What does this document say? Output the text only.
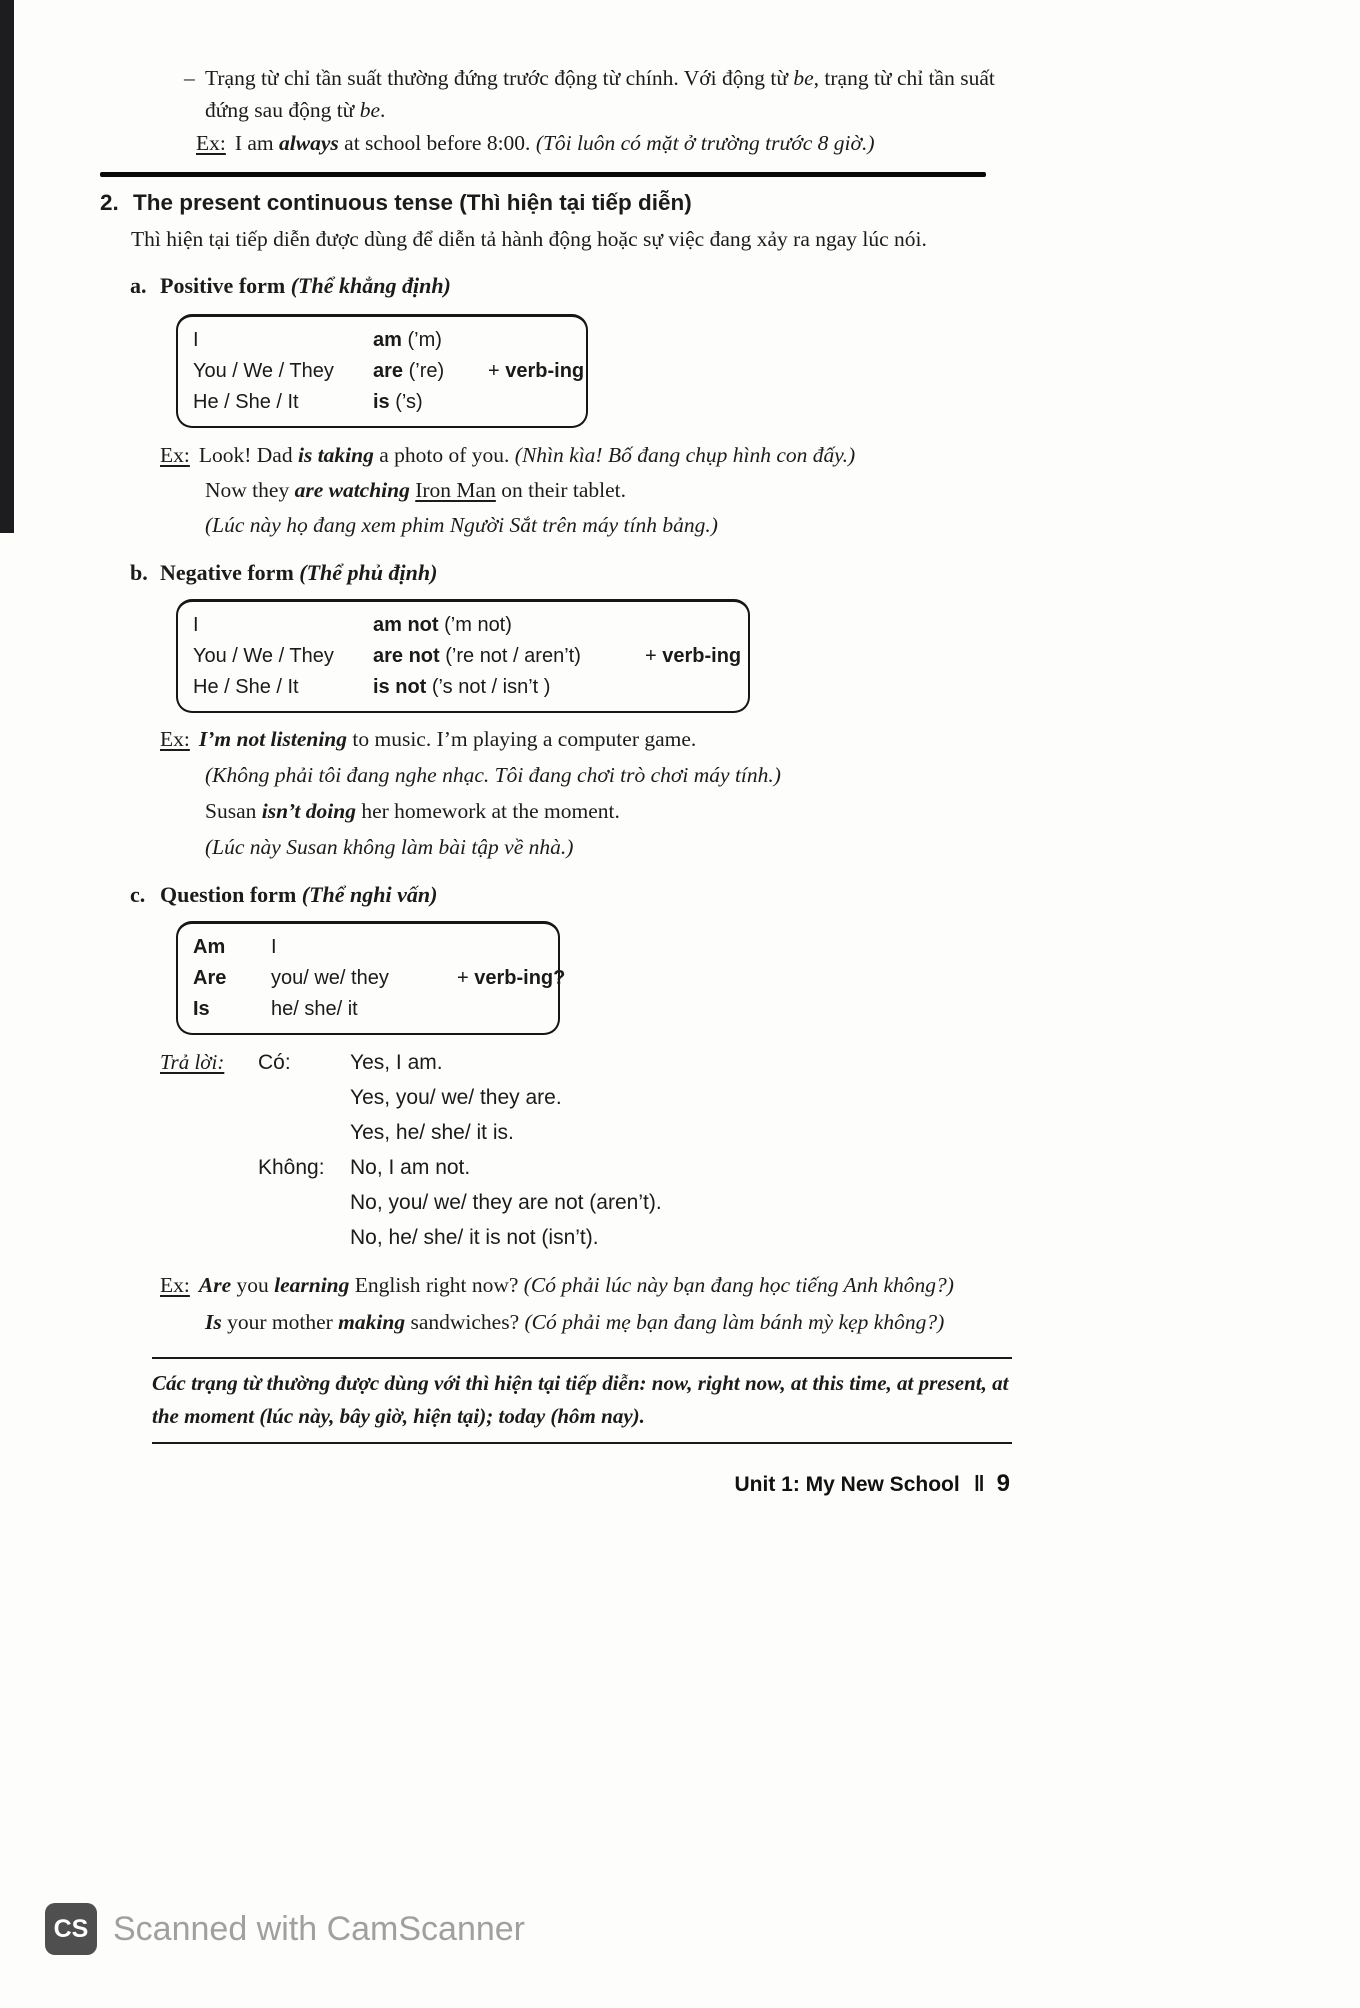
– Trạng từ chỉ tần suất thường đứng trước động từ chính. Với động từ be, trạng từ chỉ tần suất đứng sau động từ be.
Ex: I am always at school before 8:00. (Tôi luôn có mặt ở trường trước 8 giờ.)
2. The present continuous tense (Thì hiện tại tiếp diễn)
Thì hiện tại tiếp diễn được dùng để diễn tả hành động hoặc sự việc đang xảy ra ngay lúc nói.
a. Positive form (Thể khẳng định)
I	am (’m)
You / We / They	are (’re)	+ verb-ing
He / She / It	is (’s)
Ex: Look! Dad is taking a photo of you. (Nhìn kìa! Bố đang chụp hình con đấy.)
Now they are watching Iron Man on their tablet.
(Lúc này họ đang xem phim Người Sắt trên máy tính bảng.)
b. Negative form (Thể phủ định)
I	am not (’m not)
You / We / They	are not (’re not / aren’t)	+ verb-ing
He / She / It	is not (’s not / isn’t )
Ex: I’m not listening to music. I’m playing a computer game.
(Không phải tôi đang nghe nhạc. Tôi đang chơi trò chơi máy tính.)
Susan isn’t doing her homework at the moment.
(Lúc này Susan không làm bài tập về nhà.)
c. Question form (Thể nghi vấn)
Am	I
Are	you/ we/ they	+ verb-ing?
Is	he/ she/ it
Trả lời:	Có:	Yes, I am.
Yes, you/ we/ they are.
Yes, he/ she/ it is.
Không:	No, I am not.
No, you/ we/ they are not (aren’t).
No, he/ she/ it is not (isn’t).
Ex: Are you learning English right now? (Có phải lúc này bạn đang học tiếng Anh không?)
Is your mother making sandwiches? (Có phải mẹ bạn đang làm bánh mỳ kẹp không?)
Các trạng từ thường được dùng với thì hiện tại tiếp diễn: now, right now, at this time, at present, at the moment (lúc này, bây giờ, hiện tại); today (hôm nay).
Unit 1: My New School ‖ 9
CS Scanned with CamScanner
